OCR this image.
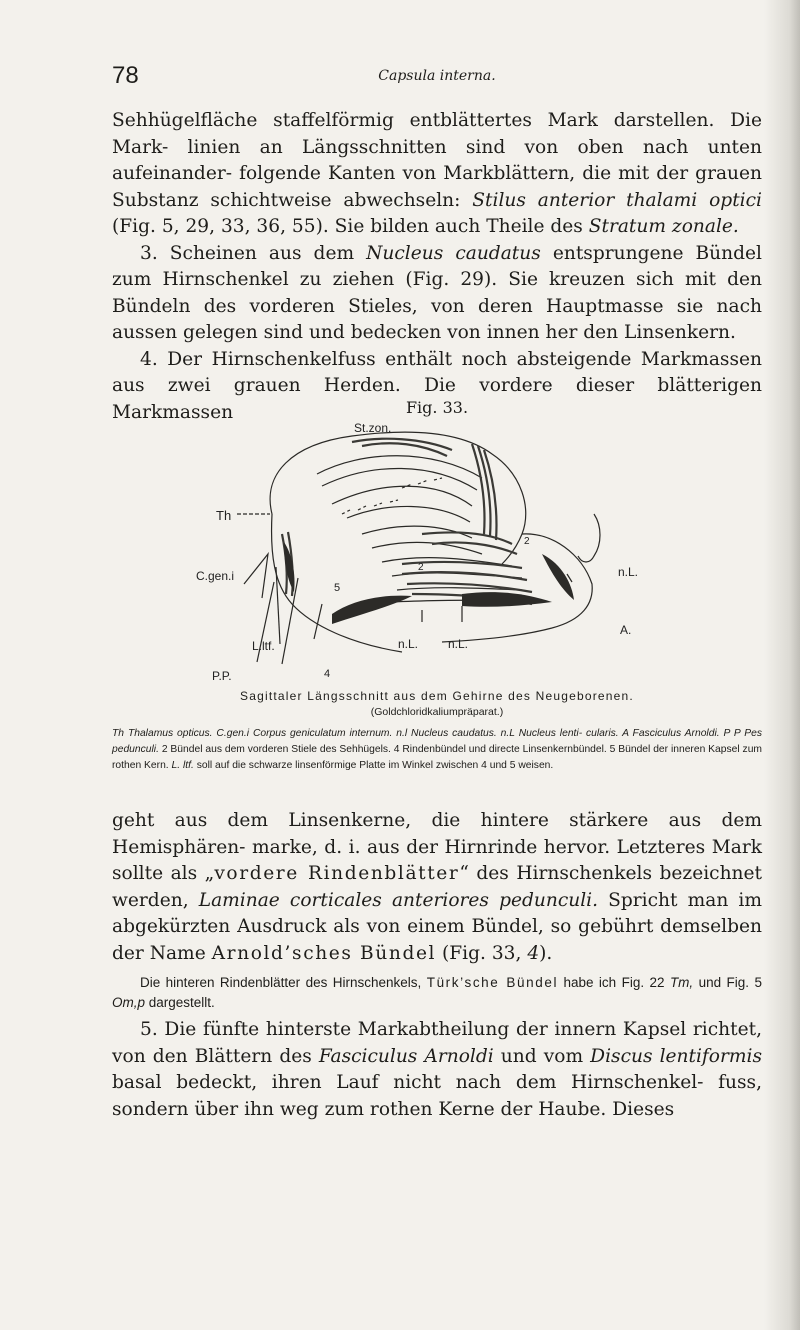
78	Capsula interna.

Sehhügelfläche staffelförmig entblättertes Mark darstellen. Die Mark- linien an Längsschnitten sind von oben nach unten aufeinander- folgende Kanten von Markblättern, die mit der grauen Substanz schichtweise abwechseln: Stilus anterior thalami optici (Fig. 5, 29, 33, 36, 55). Sie bilden auch Theile des Stratum zonale.

3. Scheinen aus dem Nucleus caudatus entsprungene Bündel zum Hirnschenkel zu ziehen (Fig. 29). Sie kreuzen sich mit den Bündeln des vorderen Stieles, von deren Hauptmasse sie nach aussen gelegen sind und bedecken von innen her den Linsenkern.

4. Der Hirnschenkelfuss enthält noch absteigende Markmassen aus zwei grauen Herden. Die vordere dieser blätterigen Markmassen	Fig. 33.
St.zon.
Th
C.gen.i
L.ltf.
P.P.
n.L.
A.
n.L. n.L.
2
2
5
4
Sagittaler Längsschnitt aus dem Gehirne des Neugeborenen.
(Goldchloridkaliumpräparat.)
Th Thalamus opticus. C.gen.i Corpus geniculatum internum. n.l Nucleus caudatus. n.L Nucleus lenti- cularis. A Fasciculus Arnoldi. P P Pes pedunculi. 2 Bündel aus dem vorderen Stiele des Sehhügels. 4 Rindenbündel und directe Linsenkernbündel. 5 Bündel der inneren Kapsel zum rothen Kern. L. ltf. soll auf die schwarze linsenförmige Platte im Winkel zwischen 4 und 5 weisen.

geht aus dem Linsenkerne, die hintere stärkere aus dem Hemisphären- marke, d. i. aus der Hirnrinde hervor. Letzteres Mark sollte als „vordere Rindenblätter“ des Hirnschenkels bezeichnet werden, Laminae corticales anteriores pedunculi. Spricht man im abgekürzten Ausdruck als von einem Bündel, so gebührt demselben der Name Arnold’sches Bündel (Fig. 33, 4).

Die hinteren Rindenblätter des Hirnschenkels, Türk’sche Bündel habe ich Fig. 22 Tm, und Fig. 5 Om,p dargestellt.

5. Die fünfte hinterste Markabtheilung der innern Kapsel richtet, von den Blättern des Fasciculus Arnoldi und vom Discus lentiformis basal bedeckt, ihren Lauf nicht nach dem Hirnschenkel- fuss, sondern über ihn weg zum rothen Kerne der Haube. Dieses
